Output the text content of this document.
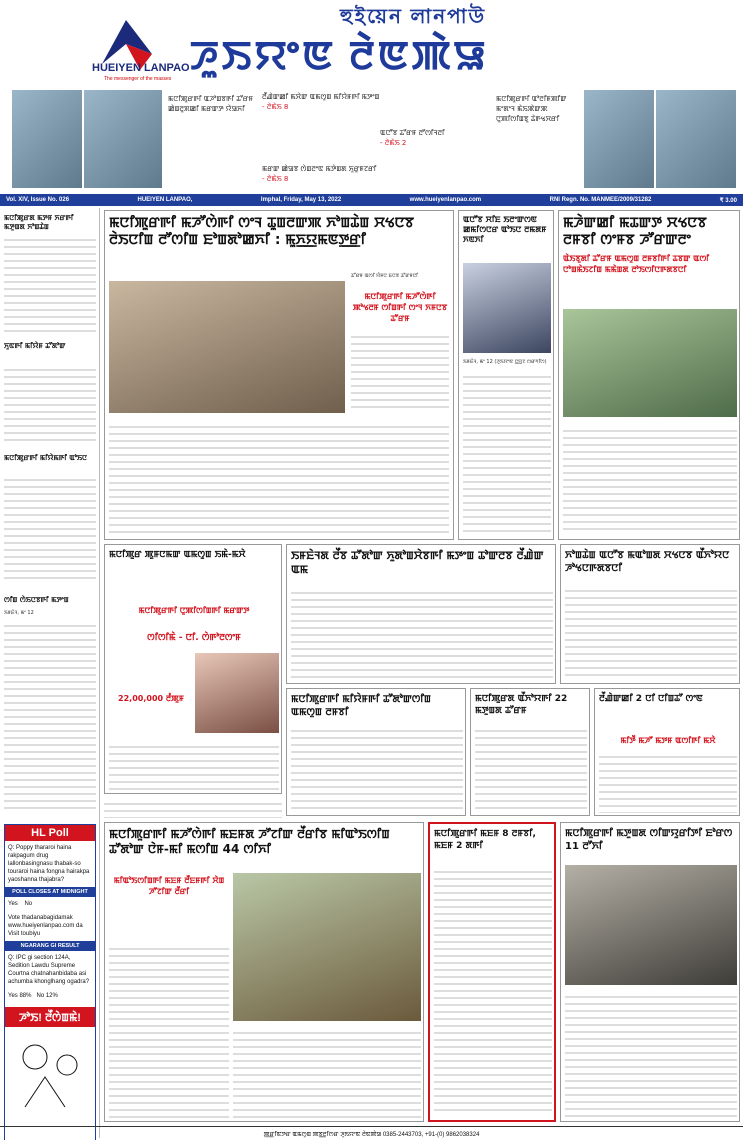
HUEIYEN LANPAO
The messenger of the masses
হুইয়েন লানপাউ
ꯍꯨꯏꯌꯦꯟ ꯂꯥꯟꯄꯥꯎ
ꯃꯅꯤꯄꯨꯔꯒꯤ ꯑꯍꯣꯡꯕꯒꯤ ꯊꯧꯔꯝ ꯀꯥꯡꯂꯨꯞꯀꯤ ꯃꯔꯛꯇ ꯌꯥꯎꯈꯤ
ꯂꯩꯉꯥꯛꯀꯤ ꯃꯆꯥꯛ ꯑꯃꯁꯨꯡ ꯃꯤꯌꯥꯝꯒꯤ ꯃꯇꯦꯡ
- ꯂꯥꯃꯥꯏ 8
ꯑꯅꯧꯕ ꯊꯧꯔꯝ ꯂꯧꯁꯤꯜꯂꯤ
- ꯂꯥꯃꯥꯏ 2
ꯃꯔꯛ ꯀꯥꯎꯕ ꯁꯥꯡꯂꯦꯟ ꯃꯇꯥꯡꯗ ꯈꯨꯔꯨꯝꯖꯔꯤ
- ꯂꯥꯃꯥꯏ 8
ꯃꯅꯤꯄꯨꯔꯒꯤ ꯑꯣꯂꯤꯝꯄꯤꯛ ꯃꯦꯗꯦꯜ ꯃꯥꯏꯄꯥꯛꯄ ꯅꯨꯄꯤꯁꯤꯡꯕꯨ ꯊꯥꯒꯠꯆꯔꯤ
Vol. XIV, Issue No. 026	HUEIYEN LANPAO,	Imphal, Friday, May 13, 2022	www.hueiyenlanpao.com	RNI Regn. No. MANMEE/2009/31282	₹ 3.00
ꯃꯅꯤꯄꯨꯔꯗ ꯃꯇꯝ ꯈꯔꯒꯤ ꯃꯇꯨꯡꯗ ꯈꯣꯡꯊꯥꯡ
ꯈꯨꯟꯒꯤ ꯃꯤꯌꯥꯝ ꯊꯧꯗꯣꯛ
ꯃꯅꯤꯄꯨꯔꯒꯤ ꯃꯤꯌꯥꯃꯒꯤ ꯑꯣꯏꯅ
ꯁꯤꯡ ꯁꯥꯏꯅꯕꯒꯤ ꯃꯇꯦꯡ
ꯏꯝꯐꯥꯜ, ꯃꯦ 12
HL Poll
Q: Poppy thararoi haina rakpagum drug lallonbasingnasu thabak-so touraroi haina fongna hairakpa yaoshanna thajabra?
POLL CLOSES AT MIDNIGHT
Yes No
Vote thadanabagidamak www.hueiyenlanpao.com da Visit toubiyu
NGARANG GI RESULT
Q: IPC gi section 124A, Sedition Lawdu Supreme Courtna chatnahanbidaba asi achumba khonglhang ogadra?
Yes 88% No 12%
ꯍꯣꯏ! ꯂꯩꯁꯥꯡꯃꯥ!
ꯃꯅꯤꯄꯨꯔꯒꯤ ꯃꯍꯧꯁꯥꯒꯤ ꯁꯦꯜ ꯊꯨꯡꯂꯛꯄ ꯈꯣꯡꯊꯥꯡ ꯆꯠꯅꯕ ꯂꯥꯏꯅꯤꯡ ꯂꯧꯁꯤꯡ ꯐꯣꯡꯗꯣꯀꯈꯤ : ꯃꯨꯈ꯭ꯌꯃꯟꯇ꯭ꯔꯤ
ꯃꯅꯤꯄꯨꯔꯒꯤ ꯃꯍꯧꯁꯥꯒꯤ ꯄꯣꯠꯂꯝ ꯁꯤꯡꯒꯤ ꯁꯦꯜ ꯈꯝꯅꯕ ꯊꯧꯔꯝ
ꯊꯧꯔꯝ ꯑꯁꯤ ꯌꯥꯝꯅ ꯐꯅꯕ ꯊꯧꯔꯝꯅꯤ
ꯑꯅꯧꯕ ꯆꯤꯐ ꯏꯂꯦꯛꯁꯟ ꯀꯃꯤꯁꯅꯔ ꯑꯣꯏꯅ ꯂꯃꯗꯝ ꯈꯟꯈꯤ
ꯏꯝꯐꯥꯜ, ꯃꯦ 12 (ꯍꯨꯏꯌꯦꯟ ꯅ꯭ꯌꯨꯖ ꯁꯔꯚꯤꯁ)
ꯃꯍꯥꯛꯀꯤ ꯃꯊꯛꯇ ꯆꯠꯅꯕ ꯂꯝꯕꯤ ꯁꯦꯝꯕ ꯍꯧꯔꯛꯂꯦ
ꯑꯥꯏꯕꯨꯗꯤ ꯊꯧꯔꯝ ꯑꯃꯁꯨꯡ ꯂꯝꯕꯤꯒꯤ ꯊꯕꯛ ꯑꯁꯤ ꯅꯣꯡꯃꯥꯏꯖꯤꯡ ꯃꯃꯥꯡꯗ ꯂꯣꯏꯁꯤꯅꯒꯗꯕꯅꯤ
ꯃꯅꯤꯄꯨꯔ ꯄꯨꯝꯅꯃꯛ ꯑꯃꯁꯨꯡ ꯏꯃꯥ-ꯃꯆꯥ
ꯃꯅꯤꯄꯨꯔꯒꯤ ꯅꯨꯄꯤꯁꯤꯡꯒꯤ ꯃꯔꯛꯇ
ꯁꯤꯁꯤꯃꯥ - ꯅꯤ. ꯁꯥꯒꯣꯂꯁꯦꯝ
22,00,000 ꯂꯪꯄꯨꯝ
ꯏꯝꯐꯥꯜꯗ ꯂꯩꯕ ꯊꯧꯗꯣꯛ ꯈꯨꯗꯣꯡꯆꯥꯕꯒꯤ ꯃꯇꯦꯡ ꯊꯣꯛꯂꯕ ꯂꯩꯉꯥꯛ ꯑꯃ
ꯈꯣꯡꯊꯥꯡ ꯑꯅꯧꯕ ꯃꯑꯣꯡꯗ ꯆꯠꯅꯕ ꯑꯩꯈꯣꯌꯅ ꯍꯣꯠꯅꯒꯗꯕꯅꯤ
ꯃꯅꯤꯄꯨꯔꯒꯤ ꯃꯤꯌꯥꯝꯒꯤ ꯊꯧꯗꯣꯛꯁꯤꯡ ꯑꯃꯁꯨꯡ ꯂꯝꯕꯤ
ꯃꯅꯤꯄꯨꯔꯗ ꯑꯩꯈꯣꯌꯒꯤ 22 ꯃꯇꯨꯡꯗ ꯊꯧꯔꯝ
ꯂꯩꯉꯥꯛꯀꯤ 2 ꯅꯤ ꯅꯤꯡꯊꯧ ꯁꯦꯟ
ꯃꯤꯇꯩ ꯃꯍꯧ ꯃꯇꯝ ꯑꯁꯤꯒꯤ ꯃꯆꯥ
ꯃꯅꯤꯄꯨꯔꯒꯤ ꯃꯍꯧꯁꯥꯒꯤ ꯃꯐꯝꯗ ꯍꯧꯖꯤꯛ ꯂꯩꯔꯤꯕ ꯃꯤꯑꯣꯏꯁꯤꯡ ꯊꯧꯗꯣꯛ ꯅꯥꯝ-ꯃꯤ ꯃꯁꯤꯡ 44 ꯁꯤꯈꯤ
ꯃꯤꯑꯣꯏꯁꯤꯡꯒꯤ ꯃꯐꯝ ꯂꯩꯐꯝꯒꯤ ꯆꯥꯡ ꯍꯧꯖꯤꯛ ꯂꯩꯔꯤ
ꯃꯅꯤꯄꯨꯔꯒꯤ ꯃꯐꯝ 8 ꯂꯝꯕꯤ, ꯃꯐꯝ 2 ꯗꯒꯤ
ꯃꯅꯤꯄꯨꯔꯒꯤ ꯃꯇꯨꯡꯗ ꯁꯤꯛꯌꯨꯔꯤꯇꯤ ꯐꯣꯔꯁ 11 ꯂꯧꯈꯤ
ꯄ꯭ꯔꯤꯟꯇꯔ ꯑꯃꯁꯨꯡ ꯄꯕ꯭ꯂꯤꯁꯔ ꯍꯨꯏꯌꯦꯟ ꯂꯥꯟꯄꯥꯎ 0385-2443703, +91-(0) 9862038324
